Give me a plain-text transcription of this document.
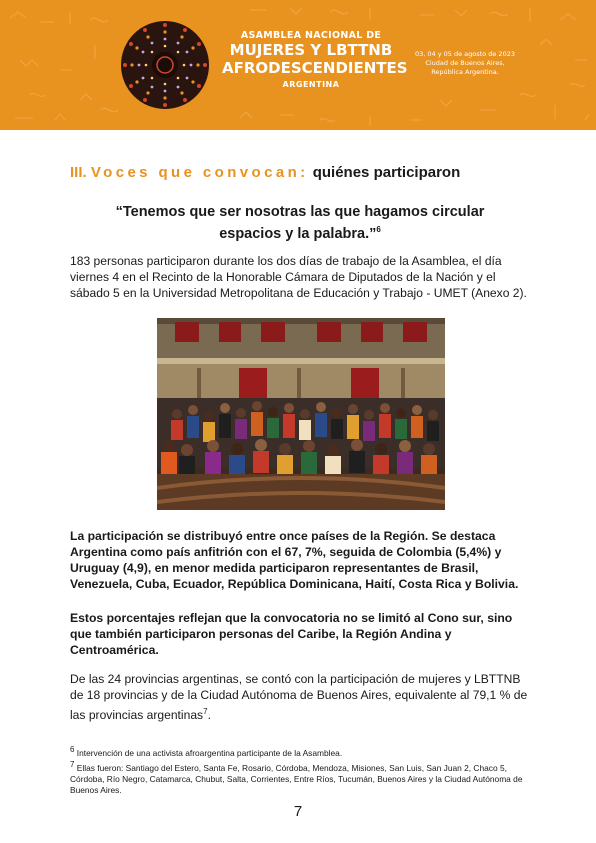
ASAMBLEA NACIONAL DE
MUJERES Y LBTTNB
AFRODESCENDIENTES
ARGENTINA
03, 04 y 05 de agosto de 2023
Ciudad de Buenos Aires,
República Argentina.
III. Voces que convocan: quiénes participaron
“Tenemos que ser nosotras las que hagamos circular
espacios y la palabra.”$^6$
183 personas participaron durante los dos días de trabajo de la Asamblea, el día viernes 4 en el Recinto de la Honorable Cámara de Diputados de la Nación y el sábado 5 en la Universidad Metropolitana de Educación y Trabajo - UMET (Anexo 2).
La participación se distribuyó entre once países de la Región. Se destaca Argentina como país anfitrión con el 67, 7%, seguida de Colombia (5,4%) y Uruguay (4,9), en menor medida participaron representantes de Brasil, Venezuela, Cuba, Ecuador, República Dominicana, Haití, Costa Rica y Bolivia.
Estos porcentajes reflejan que la convocatoria no se limitó al Cono sur, sino que también participaron personas del Caribe, la Región Andina y Centroamérica.
De las 24 provincias argentinas, se contó con la participación de mujeres y LBTTNB de 18 provincias y de la Ciudad Autónoma de Buenos Aires, equivalente al 79,1 % de las provincias argentinas$^7$.
$^6$ Intervención de una activista afroargentina participante de la Asamblea.
$^7$ Ellas fueron: Santiago del Estero, Santa Fe, Rosario, Córdoba, Mendoza, Misiones, San Luis, San Juan 2, Chaco 5, Córdoba, Río Negro, Catamarca, Chubut, Salta, Corrientes, Entre Ríos, Tucumán, Buenos Aires y la Ciudad Autónoma de Buenos Aires.
7
